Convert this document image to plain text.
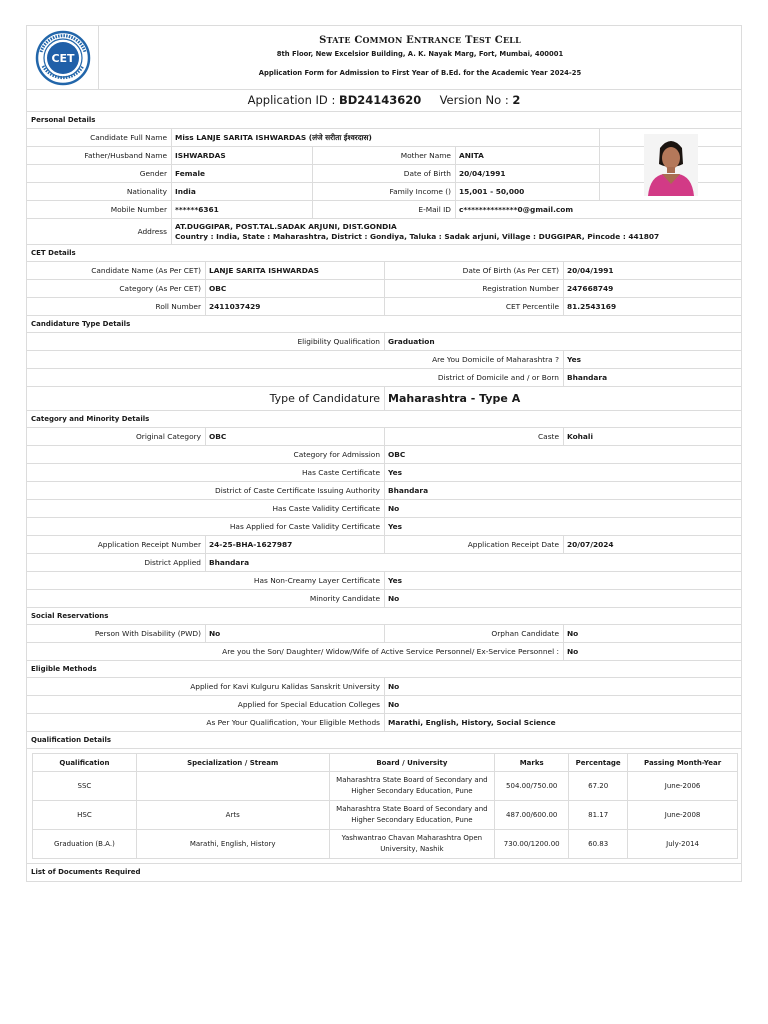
CET
STATE COMMON ENTRANCE TEST CELL
8th Floor, New Excelsior Building, A. K. Nayak Marg, Fort, Mumbai, 400001
Application Form for Admission to First Year of B.Ed. for the Academic Year 2024-25
Application ID : BD24143620 Version No : 2
Personal Details
Candidate Full Name	Miss LANJE SARITA ISHWARDAS (लंजे सरीता ईश्वरदास)
Father/Husband Name	ISHWARDAS	Mother Name	ANITA
Gender	Female	Date of Birth	20/04/1991
Nationality	India	Family Income ()	15,001 - 50,000
Mobile Number	******6361	E-Mail ID	c**************0@gmail.com
Address
AT.DUGGIPAR, POST.TAL.SADAK ARJUNI, DIST.GONDIA
Country : India, State : Maharashtra, District : Gondiya, Taluka : Sadak arjuni, Village : DUGGIPAR, Pincode : 441807
CET Details
Candidate Name (As Per CET)	LANJE SARITA ISHWARDAS	Date Of Birth (As Per CET)	20/04/1991
Category (As Per CET)	OBC	Registration Number	247668749
Roll Number	2411037429	CET Percentile	81.2543169
Candidature Type Details
Eligibility Qualification	Graduation
Are You Domicile of Maharashtra ?	Yes
District of Domicile and / or Born	Bhandara
Type of Candidature Maharashtra - Type A
Category and Minority Details
Original Category	OBC	Caste	Kohali
Category for Admission	OBC
Has Caste Certificate	Yes
District of Caste Certificate Issuing Authority	Bhandara
Has Caste Validity Certificate	No
Has Applied for Caste Validity Certificate	Yes
Application Receipt Number	24-25-BHA-1627987	Application Receipt Date	20/07/2024
District Applied	Bhandara
Has Non-Creamy Layer Certificate	Yes
Minority Candidate	No
Social Reservations
Person With Disability (PWD)	No	Orphan Candidate	No
Are you the Son/ Daughter/ Widow/Wife of Active Service Personnel/ Ex-Service Personnel :	No
Eligible Methods
Applied for Kavi Kulguru Kalidas Sanskrit University	No
Applied for Special Education Colleges	No
As Per Your Qualification, Your Eligible Methods	Marathi, English, History, Social Science
Qualification Details
Qualification	Specialization / Stream	Board / University	Marks	Percentage	Passing Month-Year
SSC		Maharashtra State Board of Secondary and Higher Secondary Education, Pune	504.00/750.00	67.20	June-2006
HSC	Arts	Maharashtra State Board of Secondary and Higher Secondary Education, Pune	487.00/600.00	81.17	June-2008
Graduation (B.A.)	Marathi, English, History	Yashwantrao Chavan Maharashtra Open University, Nashik	730.00/1200.00	60.83	July-2014
List of Documents Required
